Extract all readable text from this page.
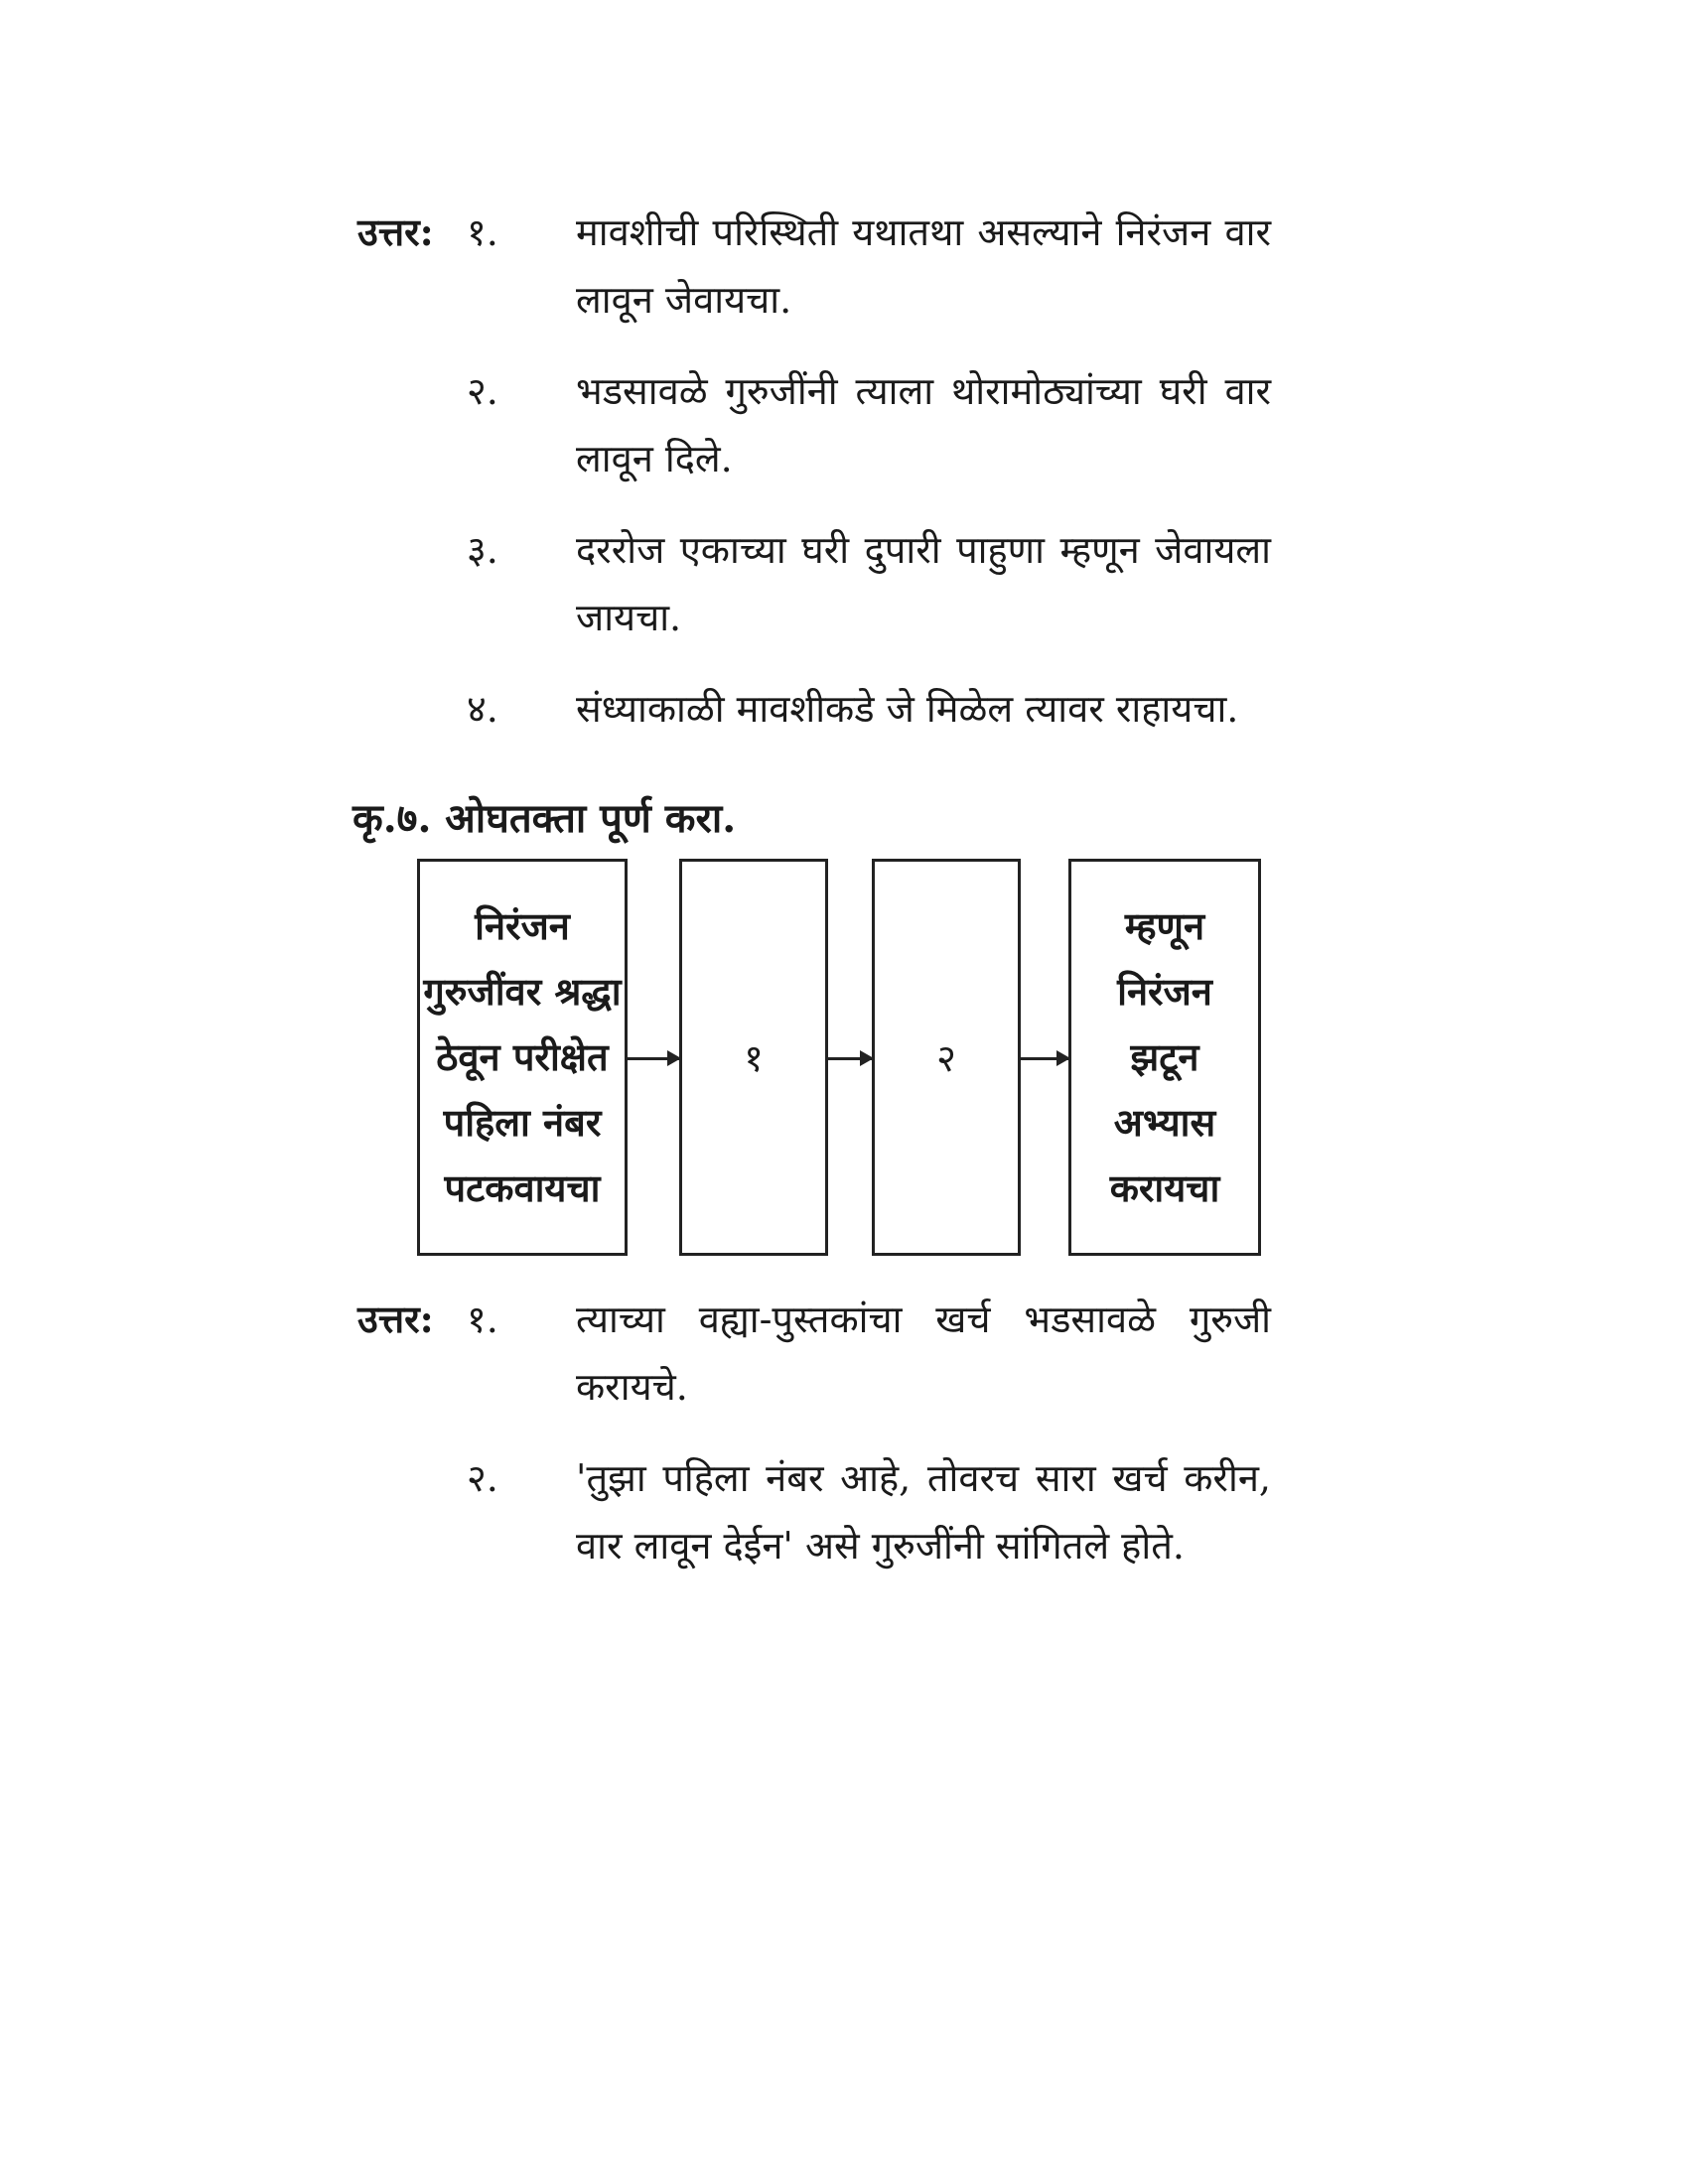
उत्तर: १.	मावशीची परिस्थिती यथातथा असल्याने निरंजन वार लावून जेवायचा.
२.	भडसावळे गुरुजींनी त्याला थोरामोठ्यांच्या घरी वार लावून दिले.
३.	दररोज एकाच्या घरी दुपारी पाहुणा म्हणून जेवायला जायचा.
४.	संध्याकाळी मावशीकडे जे मिळेल त्यावर राहायचा.
कृ.७. ओघतक्ता पूर्ण करा.
निरंजन गुरुजींवर श्रद्धा ठेवून परीक्षेत पहिला नंबर पटकवायचा
१	२
म्हणून निरंजन झटून अभ्यास करायचा
उत्तर: १.	त्याच्या वह्या-पुस्तकांचा खर्च भडसावळे गुरुजी करायचे.
२.	'तुझा पहिला नंबर आहे, तोवरच सारा खर्च करीन, वार लावून देईन' असे गुरुजींनी सांगितले होते.
